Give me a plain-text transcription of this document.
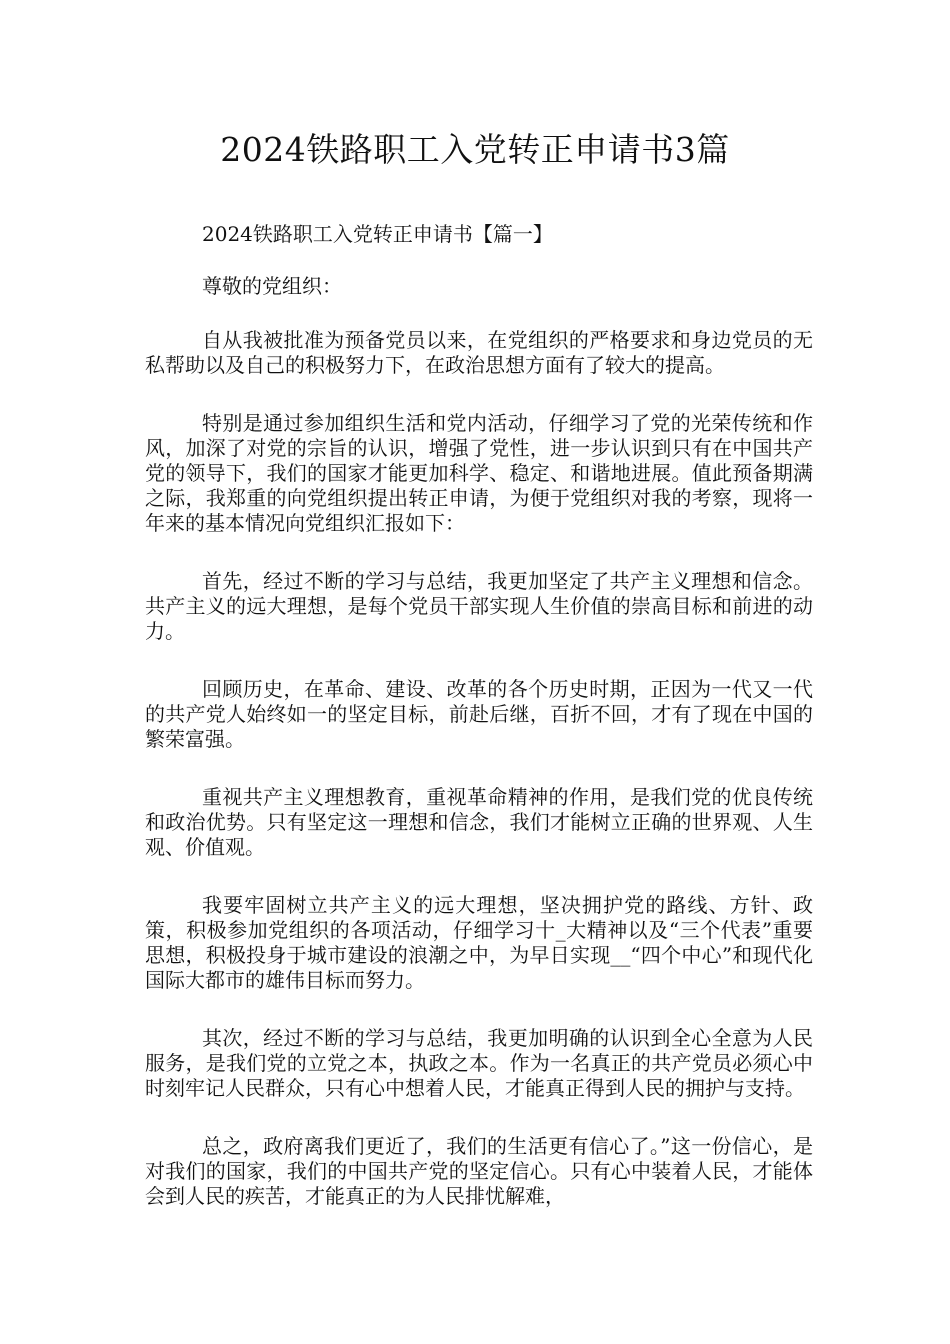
2024铁路职工入党转正申请书3篇

2024铁路职工入党转正申请书【篇一】

尊敬的党组织：

自从我被批准为预备党员以来，在党组织的严格要求和身边党员的无私帮助以及自己的积极努力下，在政治思想方面有了较大的提高。

特别是通过参加组织生活和党内活动，仔细学习了党的光荣传统和作风，加深了对党的宗旨的认识，增强了党性，进一步认识到只有在中国共产党的领导下，我们的国家才能更加科学、稳定、和谐地进展。值此预备期满之际，我郑重的向党组织提出转正申请，为便于党组织对我的考察，现将一年来的基本情况向党组织汇报如下：

首先，经过不断的学习与总结，我更加坚定了共产主义理想和信念。共产主义的远大理想，是每个党员干部实现人生价值的崇高目标和前进的动力。

回顾历史，在革命、建设、改革的各个历史时期，正因为一代又一代的共产党人始终如一的坚定目标，前赴后继，百折不回，才有了现在中国的繁荣富强。

重视共产主义理想教育，重视革命精神的作用，是我们党的优良传统和政治优势。只有坚定这一理想和信念，我们才能树立正确的世界观、人生观、价值观。

我要牢固树立共产主义的远大理想，坚决拥护党的路线、方针、政策，积极参加党组织的各项活动，仔细学习十_大精神以及“三个代表”重要思想，积极投身于城市建设的浪潮之中，为早日实现__“四个中心”和现代化国际大都市的雄伟目标而努力。

其次，经过不断的学习与总结，我更加明确的认识到全心全意为人民服务，是我们党的立党之本，执政之本。作为一名真正的共产党员必须心中时刻牢记人民群众，只有心中想着人民，才能真正得到人民的拥护与支持。

总之，政府离我们更近了，我们的生活更有信心了。”这一份信心，是对我们的国家，我们的中国共产党的坚定信心。只有心中装着人民，才能体会到人民的疾苦，才能真正的为人民排忧解难，
